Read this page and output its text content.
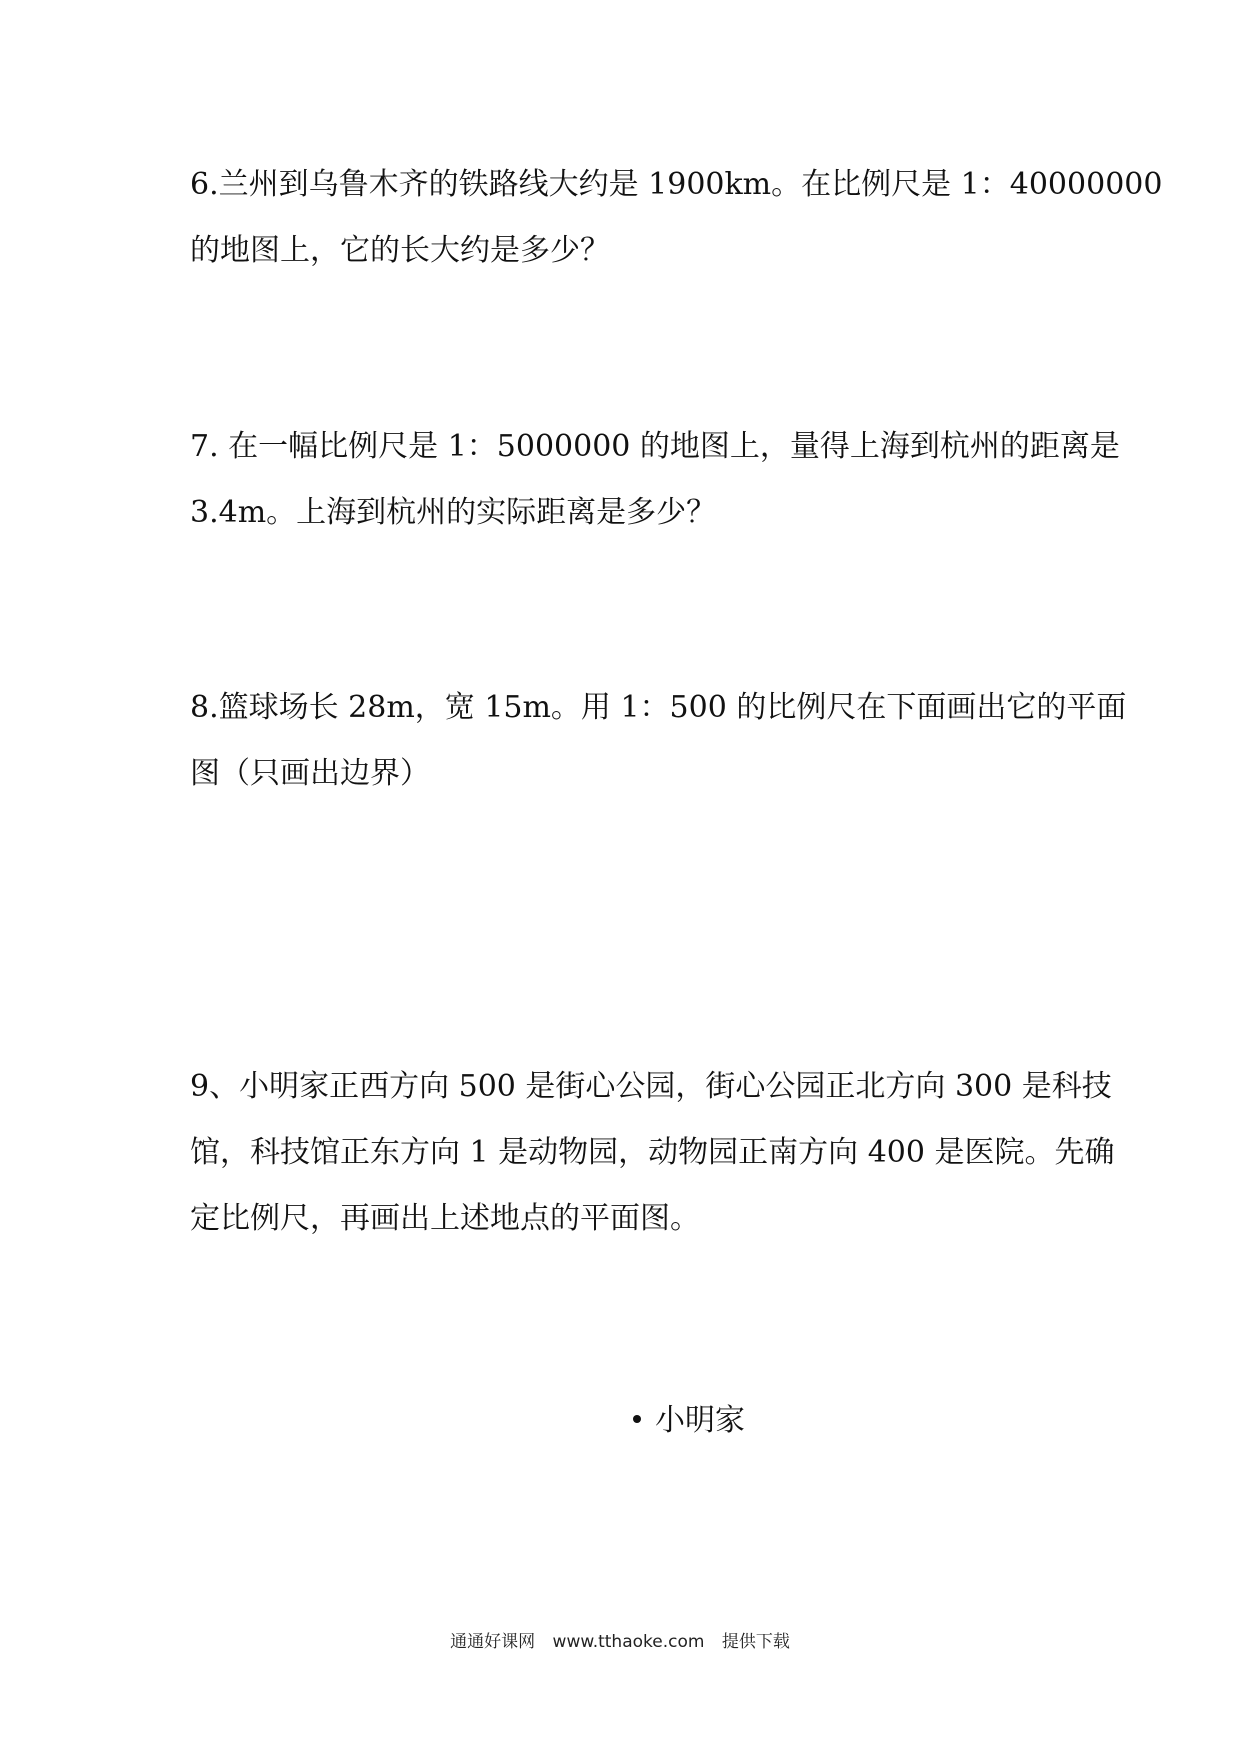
6.兰州到乌鲁木齐的铁路线大约是 1900km。在比例尺是 1：40000000
的地图上，它的长大约是多少？
7. 在一幅比例尺是 1：5000000 的地图上，量得上海到杭州的距离是
3.4m。上海到杭州的实际距离是多少？
8.篮球场长 28m，宽 15m。用 1：500 的比例尺在下面画出它的平面
图（只画出边界）
9、小明家正西方向 500 是街心公园，街心公园正北方向 300 是科技
馆，科技馆正东方向 1 是动物园，动物园正南方向 400 是医院。先确
定比例尺，再画出上述地点的平面图。
小明家
通通好课网 www.tthaoke.com 提供下载
